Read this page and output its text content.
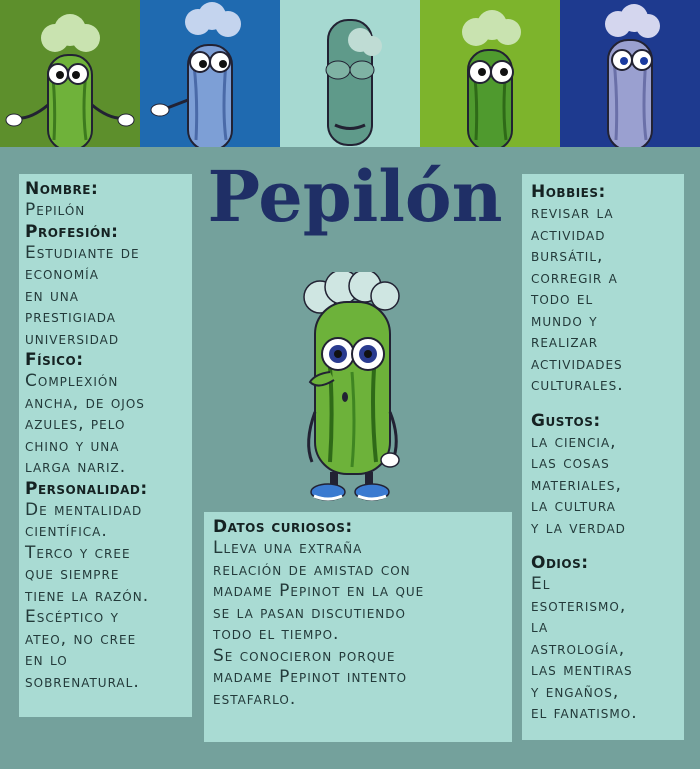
Pepilón
Nombre:
Pepilón
Profesión:
Estudiante de
economía
en una
prestigiada
universidad
Físico:
Complexión
ancha, de ojos
azules, pelo
chino y una
larga nariz.
Personalidad:
De mentalidad
científica.
Terco y cree
que siempre
tiene la razón.
Escéptico y
ateo, no cree
en lo
sobrenatural.
Datos curiosos:
Lleva una extraña
relación de amistad con
madame Pepinot en la que
se la pasan discutiendo
todo el tiempo.
Se conocieron porque
madame Pepinot intento
estafarlo.
Hobbies:
revisar la
actividad
bursátil,
corregir a
todo el
mundo y
realizar
actividades
culturales.
Gustos:
la ciencia,
las cosas
materiales,
la cultura
y la verdad
Odios:
El
esoterismo,
la
astrología,
las mentiras
y engaños,
el fanatismo.
